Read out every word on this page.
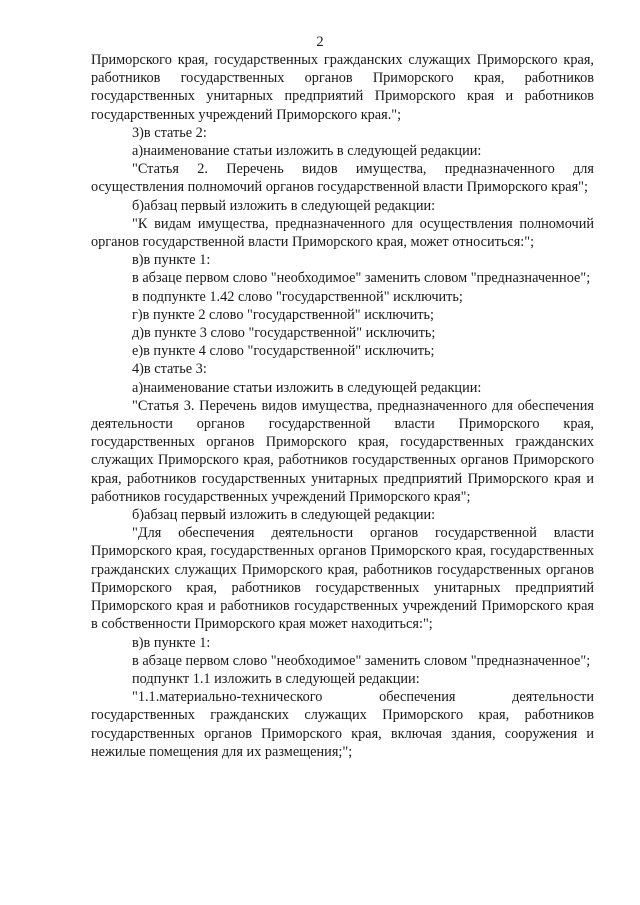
2

Приморского края, государственных гражданских служащих Приморского края, работников государственных органов Приморского края, работников государственных унитарных предприятий Приморского края и работников государственных учреждений Приморского края.";

3)в статье 2:

а)наименование статьи изложить в следующей редакции:

"Статья 2. Перечень видов имущества, предназначенного для осуществления полномочий органов государственной власти Приморского края";

б)абзац первый изложить в следующей редакции:

"К видам имущества, предназначенного для осуществления полномочий органов государственной власти Приморского края, может относиться:";

в)в пункте 1:

в абзаце первом слово "необходимое" заменить словом "предназначенное";

в подпункте 1.42 слово "государственной" исключить;

г)в пункте 2 слово "государственной" исключить;

д)в пункте 3 слово "государственной" исключить;

е)в пункте 4 слово "государственной" исключить;

4)в статье 3:

а)наименование статьи изложить в следующей редакции:

"Статья 3. Перечень видов имущества, предназначенного для обеспечения деятельности органов государственной власти Приморского края, государственных органов Приморского края, государственных гражданских служащих Приморского края, работников государственных органов Приморского края, работников государственных унитарных предприятий Приморского края и работников государственных учреждений Приморского края";

б)абзац первый изложить в следующей редакции:

"Для обеспечения деятельности органов государственной власти Приморского края, государственных органов Приморского края, государственных гражданских служащих Приморского края, работников государственных органов Приморского края, работников государственных унитарных предприятий Приморского края и работников государственных учреждений Приморского края в собственности Приморского края может находиться:";

в)в пункте 1:

в абзаце первом слово "необходимое" заменить словом "предназначенное";

подпункт 1.1 изложить в следующей редакции:

"1.1.материально-технического обеспечения деятельности государственных гражданских служащих Приморского края, работников государственных органов Приморского края, включая здания, сооружения и нежилые помещения для их размещения;";
